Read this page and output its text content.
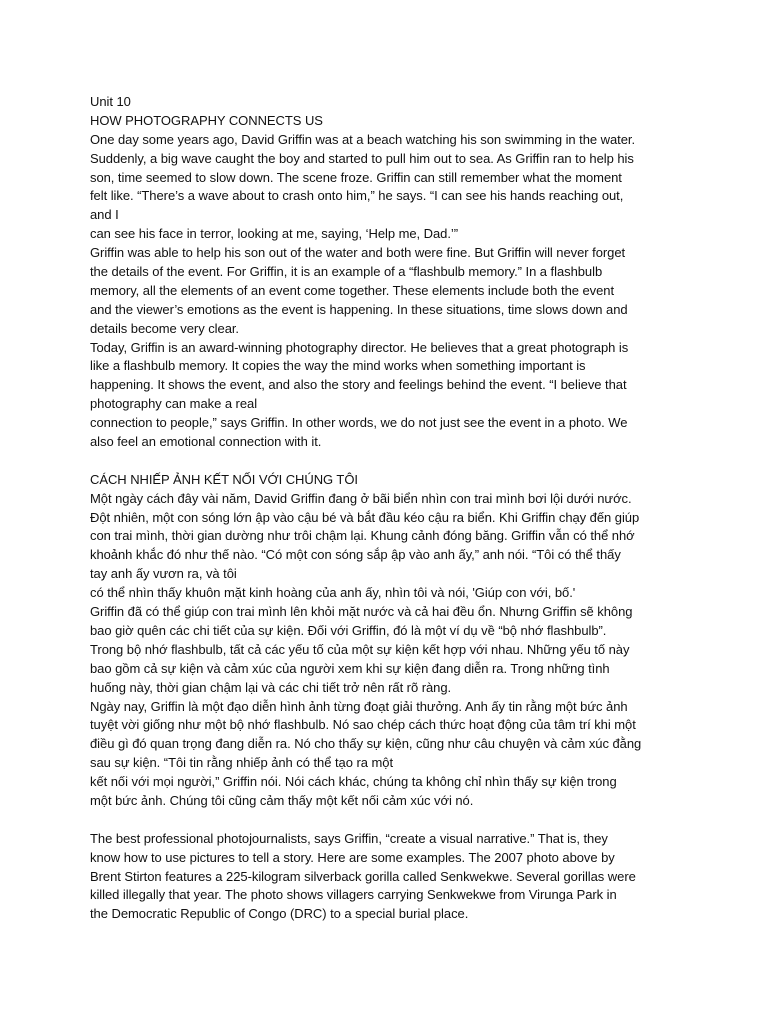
Unit 10
HOW PHOTOGRAPHY CONNECTS US
One day some years ago, David Griffin was at a beach watching his son swimming in the water.
Suddenly, a big wave caught the boy and started to pull him out to sea. As Griffin ran to help his
son, time seemed to slow down. The scene froze. Griffin can still remember what the moment
felt like. “There’s a wave about to crash onto him,” he says. “I can see his hands reaching out,
and I
can see his face in terror, looking at me, saying, ‘Help me, Dad.’”
Griffin was able to help his son out of the water and both were fine. But Griffin will never forget
the details of the event. For Griffin, it is an example of a “flashbulb memory.” In a flashbulb
memory, all the elements of an event come together. These elements include both the event
and the viewer’s emotions as the event is happening. In these situations, time slows down and
details become very clear.
Today, Griffin is an award-winning photography director. He believes that a great photograph is
like a flashbulb memory. It copies the way the mind works when something important is
happening. It shows the event, and also the story and feelings behind the event. “I believe that
photography can make a real
connection to people,” says Griffin. In other words, we do not just see the event in a photo. We
also feel an emotional connection with it.
CÁCH NHIẾP ẢNH KẾT NỐI VỚI CHÚNG TÔI
Một ngày cách đây vài năm, David Griffin đang ở bãi biển nhìn con trai mình bơi lội dưới nước.
Đột nhiên, một con sóng lớn ập vào cậu bé và bắt đầu kéo cậu ra biển. Khi Griffin chạy đến giúp
con trai mình, thời gian dường như trôi chậm lại. Khung cảnh đóng băng. Griffin vẫn có thể nhớ
khoảnh khắc đó như thế nào. “Có một con sóng sắp ập vào anh ấy,” anh nói. “Tôi có thể thấy
tay anh ấy vươn ra, và tôi
có thể nhìn thấy khuôn mặt kinh hoàng của anh ấy, nhìn tôi và nói, 'Giúp con với, bố.'
Griffin đã có thể giúp con trai mình lên khỏi mặt nước và cả hai đều ổn. Nhưng Griffin sẽ không
bao giờ quên các chi tiết của sự kiện. Đối với Griffin, đó là một ví dụ về “bộ nhớ flashbulb”.
Trong bộ nhớ flashbulb, tất cả các yếu tố của một sự kiện kết hợp với nhau. Những yếu tố này
bao gồm cả sự kiện và cảm xúc của người xem khi sự kiện đang diễn ra. Trong những tình
huống này, thời gian chậm lại và các chi tiết trở nên rất rõ ràng.
Ngày nay, Griffin là một đạo diễn hình ảnh từng đoạt giải thưởng. Anh ấy tin rằng một bức ảnh
tuyệt vời giống như một bộ nhớ flashbulb. Nó sao chép cách thức hoạt động của tâm trí khi một
điều gì đó quan trọng đang diễn ra. Nó cho thấy sự kiện, cũng như câu chuyện và cảm xúc đằng
sau sự kiện. “Tôi tin rằng nhiếp ảnh có thể tạo ra một
kết nối với mọi người,” Griffin nói. Nói cách khác, chúng ta không chỉ nhìn thấy sự kiện trong
một bức ảnh. Chúng tôi cũng cảm thấy một kết nối cảm xúc với nó.
The best professional photojournalists, says Griffin, “create a visual narrative.” That is, they
know how to use pictures to tell a story. Here are some examples. The 2007 photo above by
Brent Stirton features a 225-kilogram silverback gorilla called Senkwekwe. Several gorillas were
killed illegally that year. The photo shows villagers carrying Senkwekwe from Virunga Park in
the Democratic Republic of Congo (DRC) to a special burial place.
